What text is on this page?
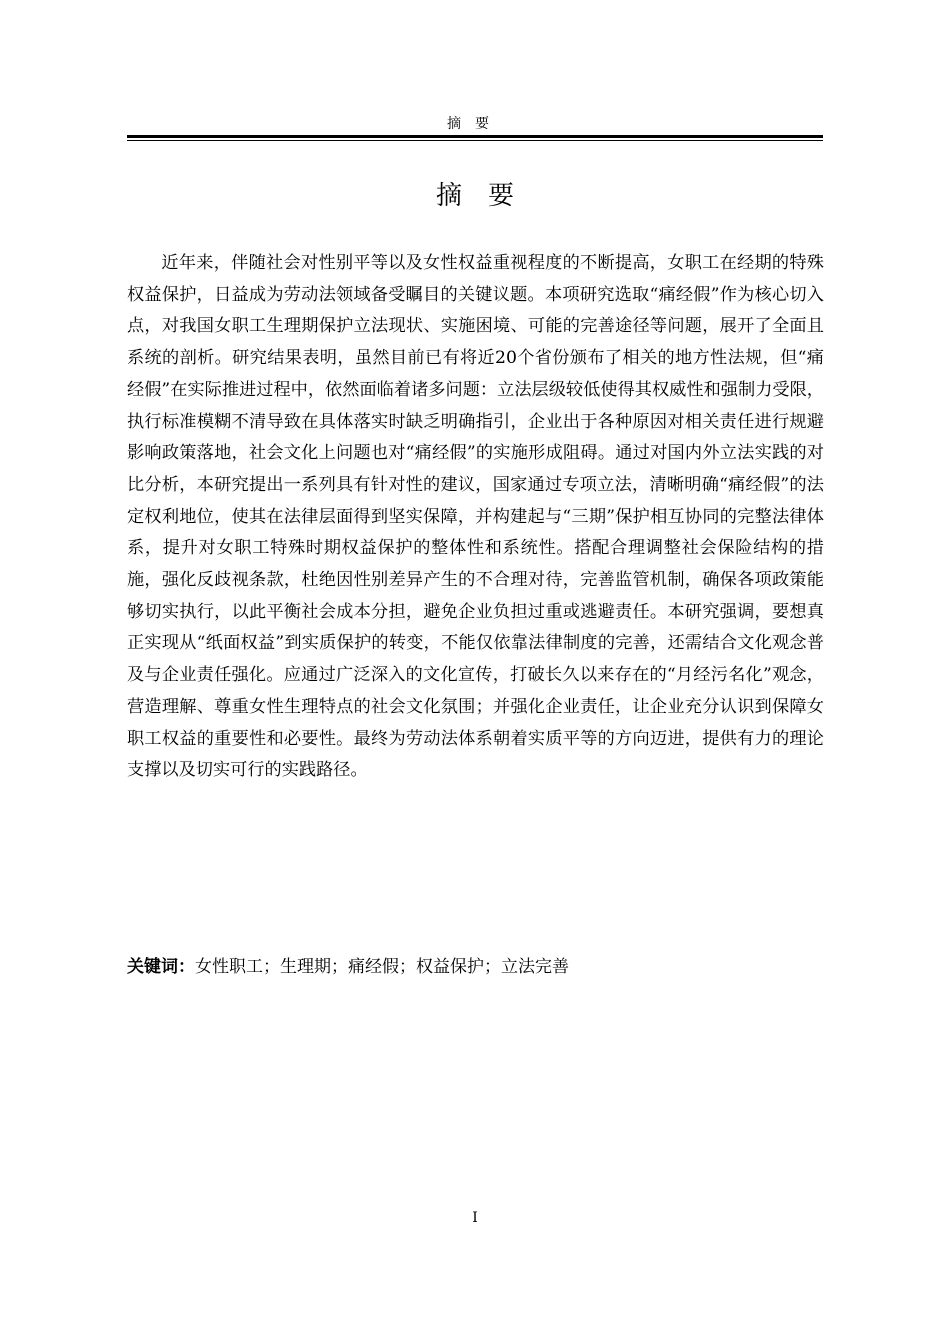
摘要
摘要

近年来，伴随社会对性别平等以及女性权益重视程度的不断提高，女职工在经期的特殊权益保护，日益成为劳动法领域备受瞩目的关键议题。本项研究选取“痛经假”作为核心切入点，对我国女职工生理期保护立法现状、实施困境、可能的完善途径等问题，展开了全面且系统的剖析。研究结果表明，虽然目前已有将近20个省份颁布了相关的地方性法规，但“痛经假”在实际推进过程中，依然面临着诸多问题：立法层级较低使得其权威性和强制力受限，执行标准模糊不清导致在具体落实时缺乏明确指引，企业出于各种原因对相关责任进行规避影响政策落地，社会文化上问题也对“痛经假”的实施形成阻碍。通过对国内外立法实践的对比分析，本研究提出一系列具有针对性的建议，国家通过专项立法，清晰明确“痛经假”的法定权利地位，使其在法律层面得到坚实保障，并构建起与“三期”保护相互协同的完整法律体系，提升对女职工特殊时期权益保护的整体性和系统性。搭配合理调整社会保险结构的措施，强化反歧视条款，杜绝因性别差异产生的不合理对待，完善监管机制，确保各项政策能够切实执行，以此平衡社会成本分担，避免企业负担过重或逃避责任。本研究强调，要想真正实现从“纸面权益”到实质保护的转变，不能仅依靠法律制度的完善，还需结合文化观念普及与企业责任强化。应通过广泛深入的文化宣传，打破长久以来存在的“月经污名化”观念，营造理解、尊重女性生理特点的社会文化氛围；并强化企业责任，让企业充分认识到保障女职工权益的重要性和必要性。最终为劳动法体系朝着实质平等的方向迈进，提供有力的理论支撑以及切实可行的实践路径。

关键词：女性职工；生理期；痛经假；权益保护；立法完善
I
